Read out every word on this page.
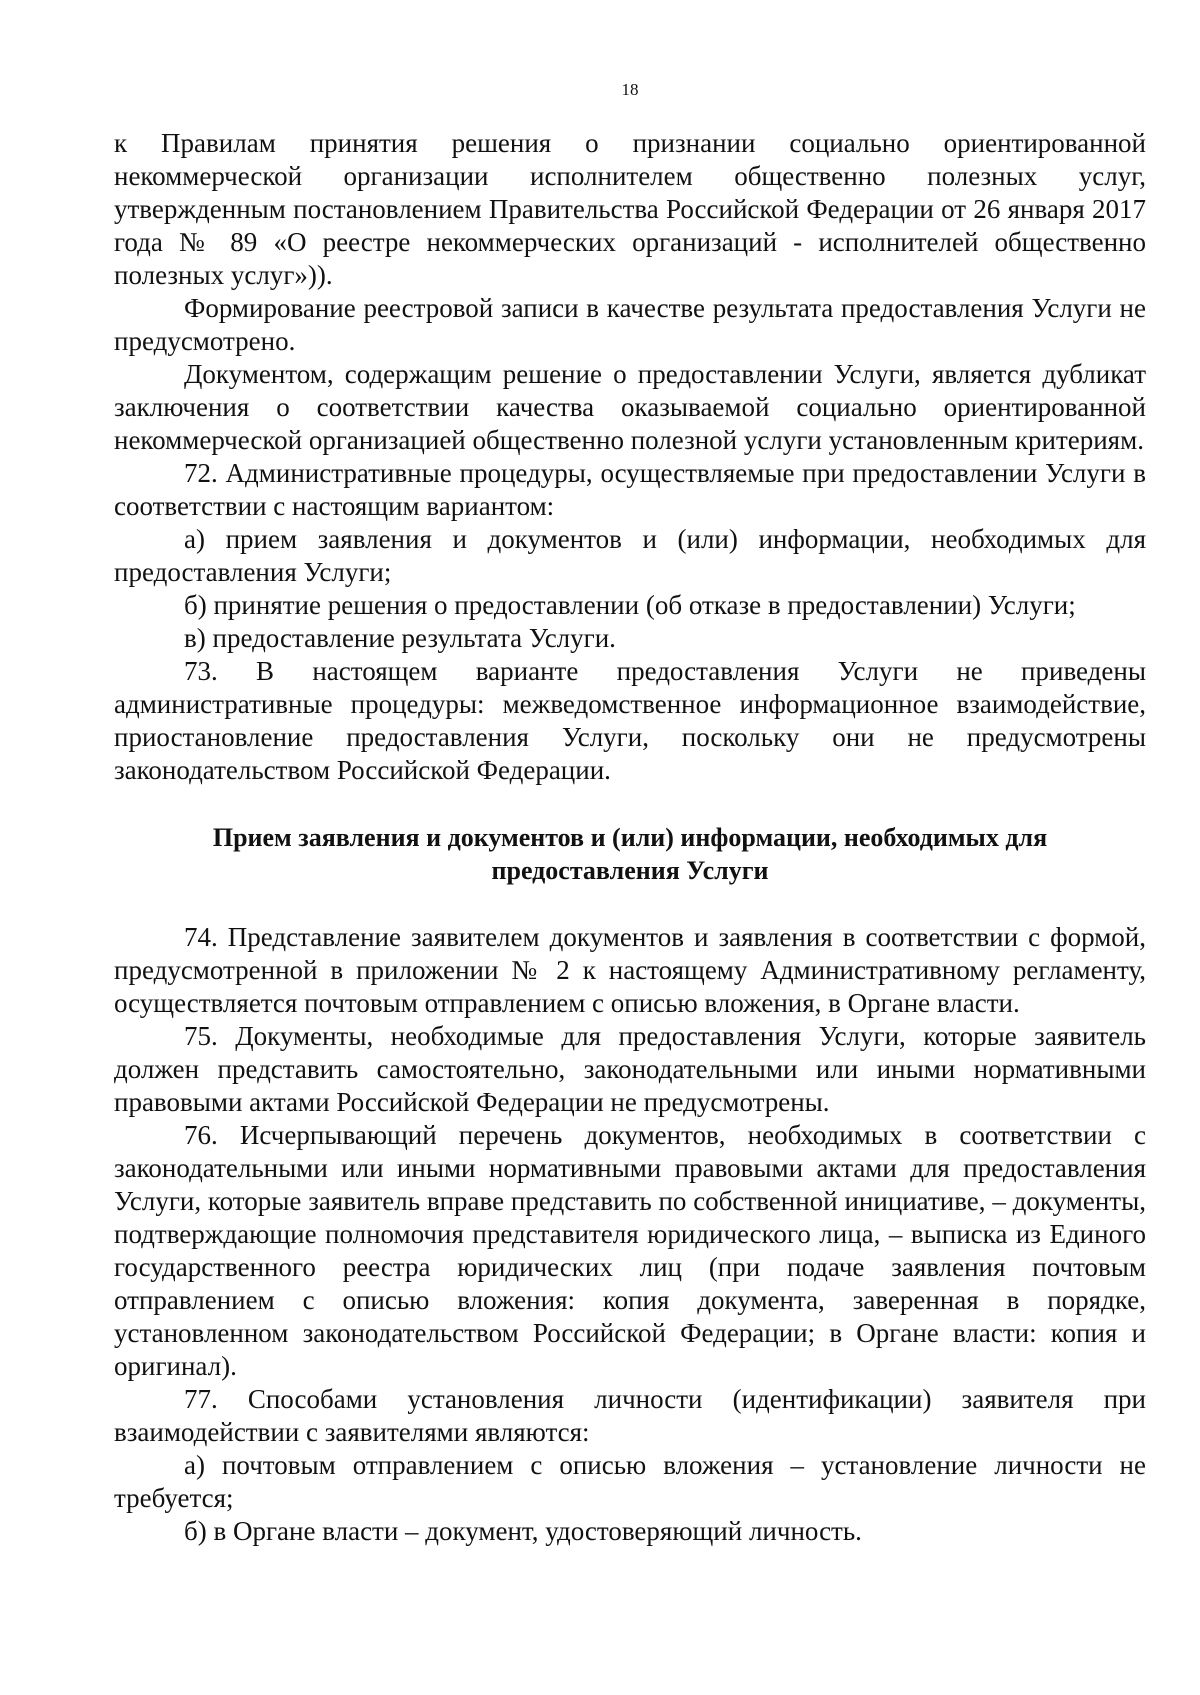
18

к Правилам принятия решения о признании социально ориентированной некоммерческой организации исполнителем общественно полезных услуг, утвержденным постановлением Правительства Российской Федерации от 26 января 2017 года № 89 «О реестре некоммерческих организаций - исполнителей общественно полезных услуг»)).

Формирование реестровой записи в качестве результата предоставления Услуги не предусмотрено.

Документом, содержащим решение о предоставлении Услуги, является дубликат заключения о соответствии качества оказываемой социально ориентированной некоммерческой организацией общественно полезной услуги установленным критериям.

72. Административные процедуры, осуществляемые при предоставлении Услуги в соответствии с настоящим вариантом:

а) прием заявления и документов и (или) информации, необходимых для предоставления Услуги;

б) принятие решения о предоставлении (об отказе в предоставлении) Услуги;

в) предоставление результата Услуги.

73. В настоящем варианте предоставления Услуги не приведены административные процедуры: межведомственное информационное взаимодействие, приостановление предоставления Услуги, поскольку они не предусмотрены законодательством Российской Федерации.

Прием заявления и документов и (или) информации, необходимых для предоставления Услуги

74. Представление заявителем документов и заявления в соответствии с формой, предусмотренной в приложении № 2 к настоящему Административному регламенту, осуществляется почтовым отправлением с описью вложения, в Органе власти.

75. Документы, необходимые для предоставления Услуги, которые заявитель должен представить самостоятельно, законодательными или иными нормативными правовыми актами Российской Федерации не предусмотрены.

76. Исчерпывающий перечень документов, необходимых в соответствии с законодательными или иными нормативными правовыми актами для предоставления Услуги, которые заявитель вправе представить по собственной инициативе, – документы, подтверждающие полномочия представителя юридического лица, – выписка из Единого государственного реестра юридических лиц (при подаче заявления почтовым отправлением с описью вложения: копия документа, заверенная в порядке, установленном законодательством Российской Федерации; в Органе власти: копия и оригинал).

77. Способами установления личности (идентификации) заявителя при взаимодействии с заявителями являются:

а) почтовым отправлением с описью вложения – установление личности не требуется;

б) в Органе власти – документ, удостоверяющий личность.
